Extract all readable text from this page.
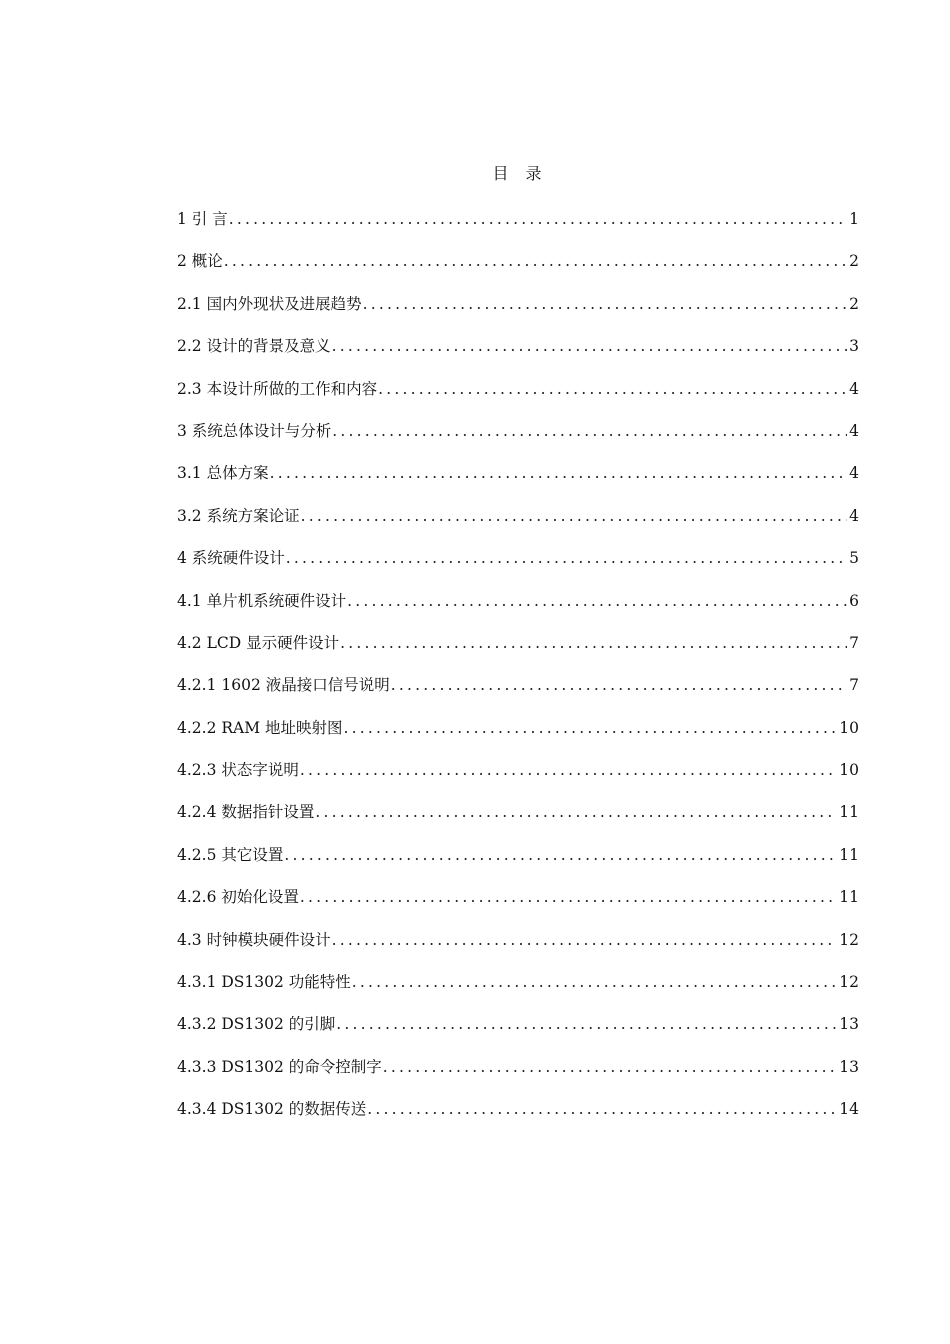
目 录
1 引 言 .....	1
2 概论 .....	2
2.1 国内外现状及进展趋势 .....	2
2.2 设计的背景及意义 .....	3
2.3 本设计所做的工作和内容 .....	4
3 系统总体设计与分析 .....	4
3.1 总体方案 .....	4
3.2 系统方案论证 .....	4
4 系统硬件设计 .....	5
4.1 单片机系统硬件设计 .....	6
4.2 LCD 显示硬件设计 .....	7
4.2.1 1602 液晶接口信号说明 .....	7
4.2.2 RAM 地址映射图 .....	10
4.2.3 状态字说明 .....	10
4.2.4 数据指针设置 .....	11
4.2.5 其它设置 .....	11
4.2.6 初始化设置 .....	11
4.3 时钟模块硬件设计 .....	12
4.3.1 DS1302 功能特性 .....	12
4.3.2 DS1302 的引脚 .....	13
4.3.3 DS1302 的命令控制字 .....	13
4.3.4 DS1302 的数据传送 .....	14
